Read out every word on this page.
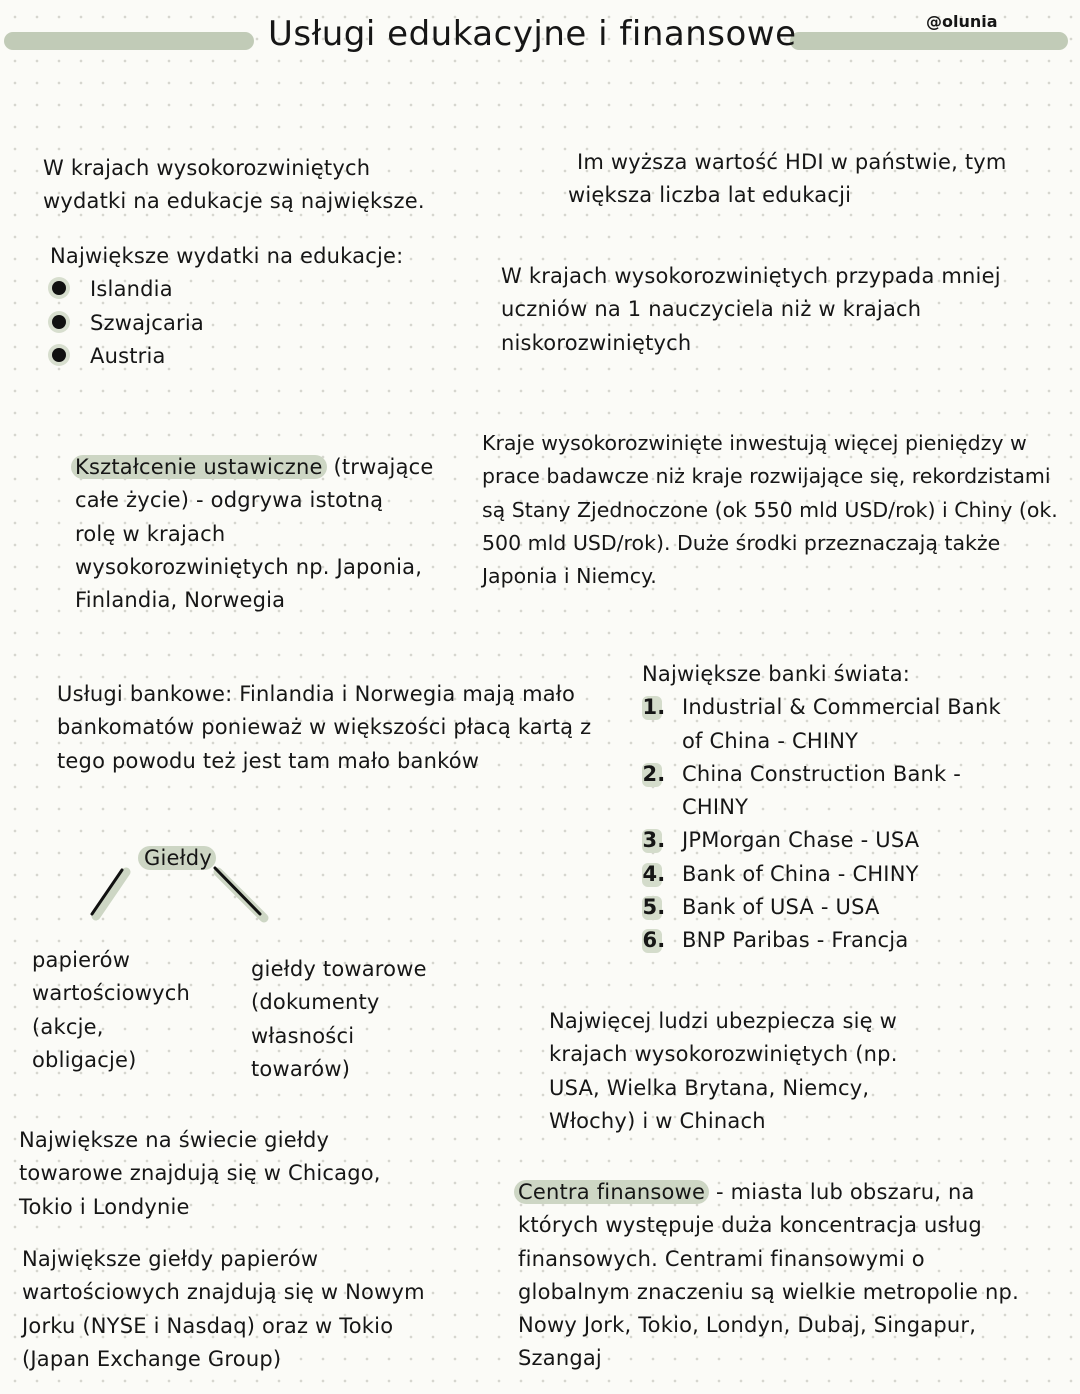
Usługi edukacyjne i finansowe	@olunia
W krajach wysokorozwiniętych
wydatki na edukacje są największe.
Największe wydatki na edukacje:
Islandia
Szwajcaria
Austria
Kształcenie ustawiczne (trwające
całe życie) - odgrywa istotną
rolę w krajach
wysokorozwiniętych np. Japonia,
Finlandia, Norwegia
Im wyższa wartość HDI w państwie, tym
większa liczba lat edukacji
W krajach wysokorozwiniętych przypada mniej
uczniów na 1 nauczyciela niż w krajach
niskorozwiniętych
Kraje wysokorozwinięte inwestują więcej pieniędzy w
prace badawcze niż kraje rozwijające się, rekordzistami
są Stany Zjednoczone (ok 550 mld USD/rok) i Chiny (ok.
500 mld USD/rok). Duże środki przeznaczają także
Japonia i Niemcy.
Usługi bankowe: Finlandia i Norwegia mają mało
bankomatów ponieważ w większości płacą kartą z
tego powodu też jest tam mało banków
Największe banki świata:
1. Industrial & Commercial Bank
of China - CHINY
2. China Construction Bank -
CHINY
3. JPMorgan Chase - USA
4. Bank of China - CHINY
5. Bank of USA - USA
6. BNP Paribas - Francja
Giełdy
papierów
wartościowych
(akcje,
obligacje)
giełdy towarowe
(dokumenty
własności
towarów)
Największe na świecie giełdy
towarowe znajdują się w Chicago,
Tokio i Londynie
Największe giełdy papierów
wartościowych znajdują się w Nowym
Jorku (NYSE i Nasdaq) oraz w Tokio
(Japan Exchange Group)
Najwięcej ludzi ubezpiecza się w
krajach wysokorozwiniętych (np.
USA, Wielka Brytana, Niemcy,
Włochy) i w Chinach
Centra finansowe - miasta lub obszaru, na
których występuje duża koncentracja usług
finansowych. Centrami finansowymi o
globalnym znaczeniu są wielkie metropolie np.
Nowy Jork, Tokio, Londyn, Dubaj, Singapur,
Szangaj
